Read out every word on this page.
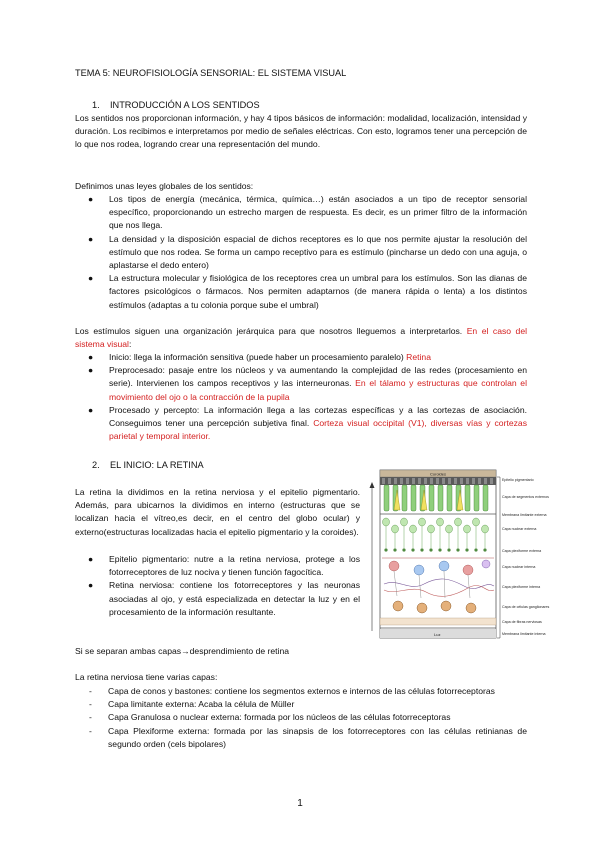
TEMA 5: NEUROFISIOLOGÍA SENSORIAL: EL SISTEMA VISUAL
1. INTRODUCCIÓN A LOS SENTIDOS
Los sentidos nos proporcionan información, y hay 4 tipos básicos de información: modalidad, localización, intensidad y duración. Los recibimos e interpretamos por medio de señales eléctricas. Con esto, logramos tener una percepción de lo que nos rodea, logrando crear una representación del mundo.
Definimos unas leyes globales de los sentidos:
● Los tipos de energía (mecánica, térmica, química…) están asociados a un tipo de receptor sensorial específico, proporcionando un estrecho margen de respuesta. Es decir, es un primer filtro de la información que nos llega.
● La densidad y la disposición espacial de dichos receptores es lo que nos permite ajustar la resolución del estímulo que nos rodea. Se forma un campo receptivo para es estímulo (pincharse un dedo con una aguja, o aplastarse el dedo entero)
● La estructura molecular y fisiológica de los receptores crea un umbral para los estímulos. Son las dianas de factores psicológicos o fármacos. Nos permiten adaptarnos (de manera rápida o lenta) a los distintos estímulos (adaptas a tu colonia porque sube el umbral)
Los estímulos siguen una organización jerárquica para que nosotros lleguemos a interpretarlos. En el caso del sistema visual:
● Inicio: llega la información sensitiva (puede haber un procesamiento paralelo) Retina
● Preprocesado: pasaje entre los núcleos y va aumentando la complejidad de las redes (procesamiento en serie). Intervienen los campos receptivos y las interneuronas. En el tálamo y estructuras que controlan el movimiento del ojo o la contracción de la pupila
● Procesado y percepto: La información llega a las cortezas específicas y a las cortezas de asociación. Conseguimos tener una percepción subjetiva final. Corteza visual occipital (V1), diversas vías y cortezas parietal y temporal interior.
2. EL INICIO: LA RETINA
La retina la dividimos en la retina nerviosa y el epitelio pigmentario. Además, para ubicarnos la dividimos en interno (estructuras que se localizan hacia el vítreo,es decir, en el centro del globo ocular) y externo(estructuras localizadas hacia el epitelio pigmentario y la coroides).
● Epitelio pigmentario: nutre a la retina nerviosa, protege a los fotorreceptores de luz nociva y tienen función fagocítica.
● Retina nerviosa: contiene los fotorreceptores y las neuronas asociadas al ojo, y está especializada en detectar la luz y en el procesamiento de la información resultante.
Si se separan ambas capas→desprendimiento de retina
La retina nerviosa tiene varias capas:
- Capa de conos y bastones: contiene los segmentos externos e internos de las células fotorreceptoras
- Capa limitante externa: Acaba la célula de Müller
- Capa Granulosa o nuclear externa: formada por los núcleos de las células fotorreceptoras
- Capa Plexiforme externa: formada por las sinapsis de los fotorreceptores con las células retinianas de segundo orden (cels bipolares)
Coroides
Luz
Epitelio pigmentario
Capa de segmentos externos
Membrana limitante externa
Capa nuclear externa
Capa plexiforme externa
Capa nuclear interna
Capa plexiforme interna
Capa de células ganglionares
Capa de fibras nerviosas
Membrana limitante interna
1
